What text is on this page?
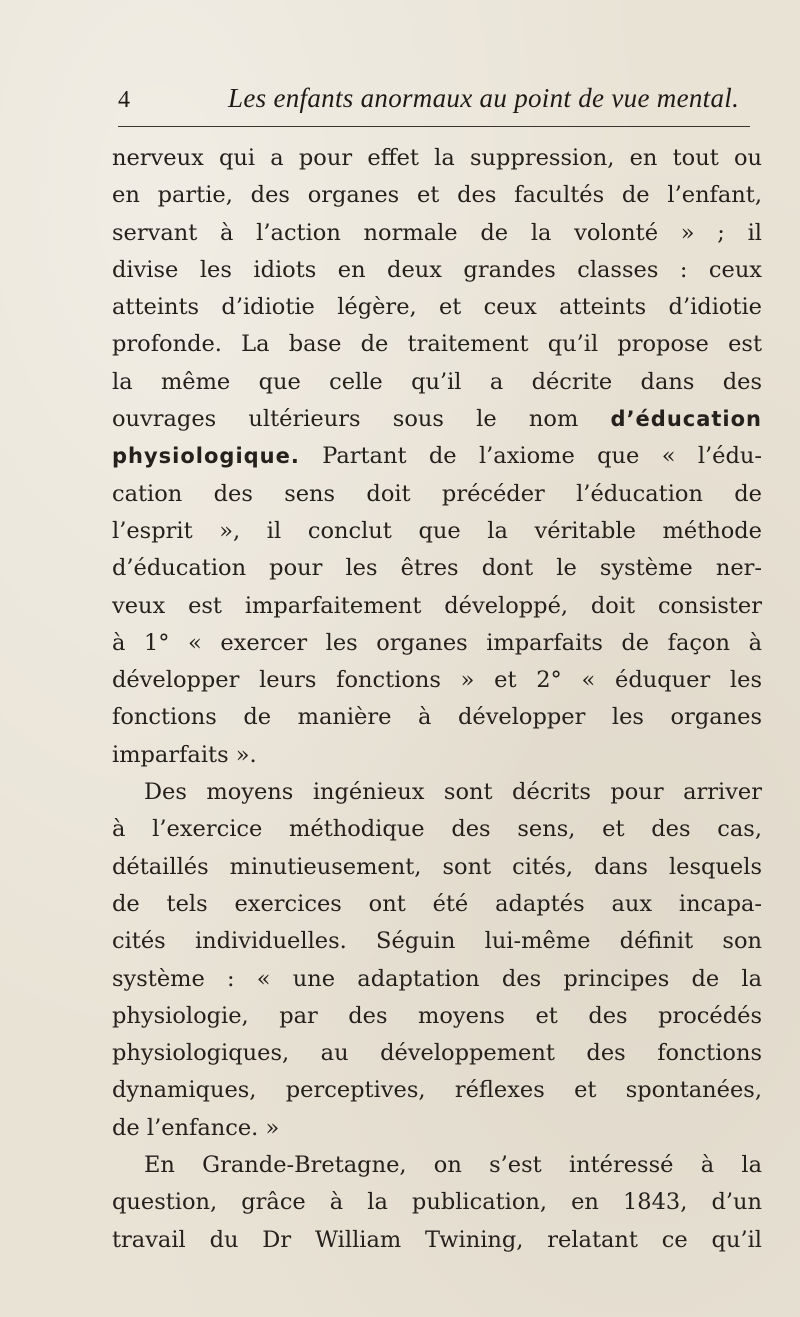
4	Les enfants anormaux au point de vue mental.
nerveux qui a pour effet la suppression, en tout ou
en partie, des organes et des facultés de l’enfant,
servant à l’action normale de la volonté » ; il
divise les idiots en deux grandes classes : ceux
atteints d’idiotie légère, et ceux atteints d’idiotie
profonde. La base de traitement qu’il propose est
la même que celle qu’il a décrite dans des
ouvrages ultérieurs sous le nom d’éducation
physiologique. Partant de l’axiome que « l’édu-
cation des sens doit précéder l’éducation de
l’esprit », il conclut que la véritable méthode
d’éducation pour les êtres dont le système ner-
veux est imparfaitement développé, doit consister
à 1° « exercer les organes imparfaits de façon à
développer leurs fonctions » et 2° « éduquer les
fonctions de manière à développer les organes
imparfaits ».
Des moyens ingénieux sont décrits pour arriver
à l’exercice méthodique des sens, et des cas,
détaillés minutieusement, sont cités, dans lesquels
de tels exercices ont été adaptés aux incapa-
cités individuelles. Séguin lui-même définit son
système : « une adaptation des principes de la
physiologie, par des moyens et des procédés
physiologiques, au développement des fonctions
dynamiques, perceptives, réflexes et spontanées,
de l’enfance. »
En Grande-Bretagne, on s’est intéressé à la
question, grâce à la publication, en 1843, d’un
travail du Dr William Twining, relatant ce qu’il
